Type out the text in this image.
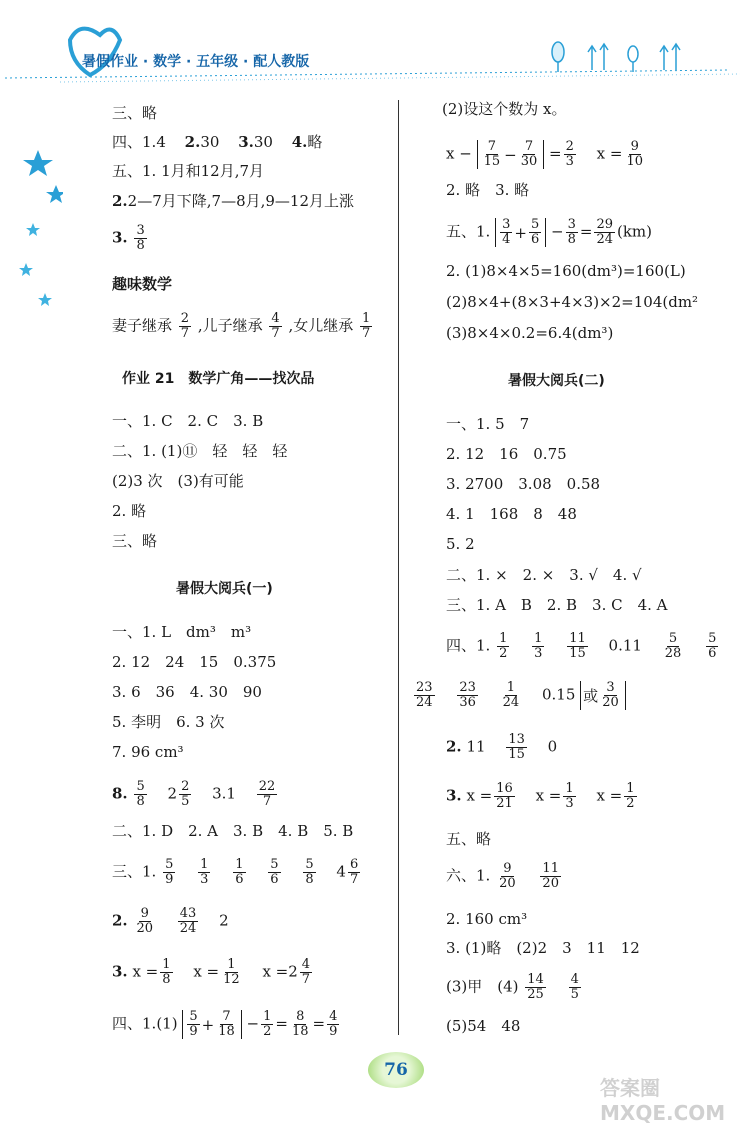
暑假作业 · 数学 · 五年级 · 配人教版
三、略
四、1.4 2.30 3.30 4.略
五、1. 1月和12月,7月
2.2—7月下降,7—8月,9—12月上涨
3. $\frac{3}{8}$
趣味数学
妻子继承 $\frac{2}{7}$ ,儿子继承 $\frac{4}{7}$ ,女儿继承 $\frac{1}{7}$
作业 21　数学广角——找次品
一、1. C　2. C　3. B
二、1. (1)⑪　轻　轻　轻
(2)3 次　(3)有可能
2. 略
三、略
暑假大阅兵(一)
一、1. L　dm³　m³
2. 12　24　15　0.375
3. 6　36　4. 30　90
5. 李明　6. 3 次
7. 96 cm³
8. $\frac{5}{8} 2 \frac{2}{5} 3.1 \frac{22}{7}$
二、1. D　2. A　3. B　4. B　5. B
三、1. $\frac{5}{9}$
$\frac{1}{3}$
$\frac{1}{6}$
$\frac{5}{6}$
$\frac{5}{8} 4 \frac{6}{7}$
2. $\frac{9}{20}$
$\frac{43}{24} 2$
3. $x = \frac{1}{8}$ $x = \frac{1}{12}$ $x =2 \frac{4}{7}$
四、$1.(1) \frac{5}{9} + \frac{7}{18} - \frac{1}{2} = \frac{8}{18} = \frac{4}{9}$
(2)设这个数为 x。
$x - \frac{7}{15} - \frac{7}{30} = \frac{2}{3}$ $x = \frac{9}{10}$
2. 略　3. 略
五、1. $\frac{3}{4} + \frac{5}{6} - \frac{3}{8} = \frac{29}{24} (km)$
2. (1)8×4×5=160(dm³)=160(L)
(2)8×4+(8×3+4×3)×2=104(dm²
(3)8×4×0.2=6.4(dm³)
暑假大阅兵(二)
一、1. 5　7
2. 12　16　0.75
3. 2700　3.08　0.58
4. 1　168　8　48
5. 2
二、1. ×　2. ×　3. √　4. √
三、1. A　B　2. B　3. C　4. A
四、1. $\frac{1}{2}$
$\frac{1}{3}$
$\frac{11}{15} 0.11 \frac{5}{28}$
$\frac{5}{6}$
$\frac{23}{24}$
$\frac{23}{36}$
$\frac{1}{24} 0.15$ 或 $\frac{3}{20}$
2. $11 \frac{13}{15} 0$
3. $x = \frac{16}{21}$ $x = \frac{1}{3}$ $x = \frac{1}{2}$
五、略
六、1. $\frac{9}{20}$
$\frac{11}{20}$
2. 160 cm³
3. (1)略　(2)2　3　11　12
(3)甲　$(4) \frac{14}{25}$
$\frac{4}{5}$
(5)54　48
76
答案圈 MXQE.COM
